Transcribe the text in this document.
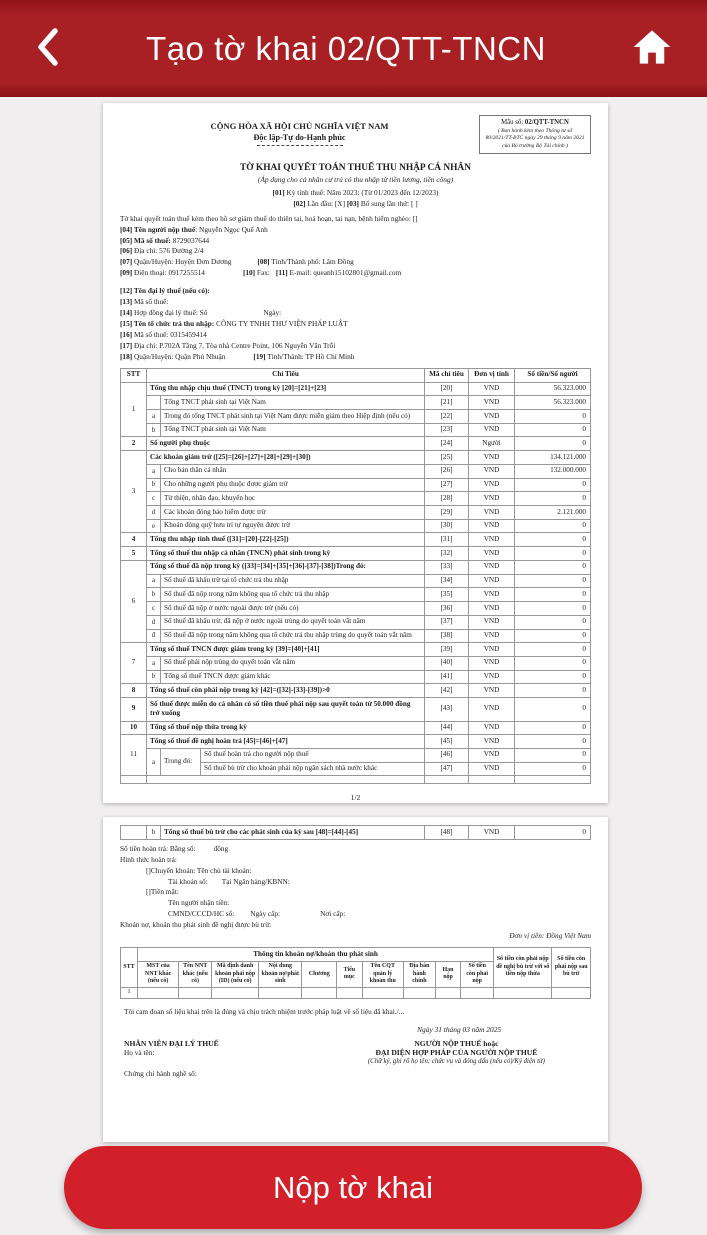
Tạo tờ khai 02/QTT-TNCN
CỘNG HÒA XÃ HỘI CHỦ NGHĨA VIỆT NAM
Độc lập-Tự do-Hạnh phúc
Mẫu số: 02/QTT-TNCN
( Ban hành kèm theo Thông tư số 80/2021/TT-BTC ngày 29 tháng 9 năm 2021 của Bộ trưởng Bộ Tài chính )
TỜ KHAI QUYẾT TOÁN THUẾ THU NHẬP CÁ NHÂN
(Áp dụng cho cá nhân cư trú có thu nhập từ tiền lương, tiền công)
[01] Kỳ tính thuế: Năm 2023: (Từ 01/2023 đến 12/2023)
[02] Lần đầu: [X] [03] Bổ sung lần thứ: [ ]
Tờ khai quyết toán thuế kèm theo hồ sơ giảm thuế do thiên tai, hoả hoạn, tai nạn, bệnh hiểm nghèo: []
[04] Tên người nộp thuế: Nguyễn Ngọc Quế Anh
[05] Mã số thuế: 8729037644
[06] Địa chỉ: 576 Đường 2/4
[07] Quận/Huyện: Huyện Đơn Dương	[08] Tỉnh/Thành phố: Lâm Đồng
[09] Điện thoại: 0917255514	[10] Fax: [11] E-mail: queanh15102801@gmail.com
[12] Tên đại lý thuế (nếu có):
[13] Mã số thuế:
[14] Hợp đồng đại lý thuế: Số	Ngày:
[15] Tên tổ chức trả thu nhập: CÔNG TY TNHH THƯ VIỆN PHÁP LUẬT
[16] Mã số thuế: 0315459414
[17] Địa chỉ: P.702A Tầng 7, Tòa nhà Centre Point, 106 Nguyễn Văn Trỗi
[18] Quận/Huyện: Quận Phú Nhuận	[19] Tỉnh/Thành: TP Hồ Chí Minh
STT	Chỉ Tiêu			Mã chỉ tiêu	Đơn vị tính	Số tiền/Số người
1	Tổng thu nhập chịu thuế (TNCT) trong kỳ [20]=[21]+[23]			[20]	VND	56.323.000
		Tổng TNCT phát sinh tại Việt Nam		[21]	VND	56.323.000
	a	Trong đó tổng TNCT phát sinh tại Việt Nam được miễn giảm theo Hiệp định (nếu có)		[22]	VND	0
	b	Tổng TNCT phát sinh tại Việt Nam		[23]	VND	0
2	Số người phụ thuộc			[24]	Người	0
3	Các khoản giảm trừ ([25]=[26]+[27]+[28]+[29]+[30])			[25]	VND	134.121.000
	a	Cho bản thân cá nhân		[26]	VND	132.000.000
	b	Cho những người phụ thuộc được giảm trừ		[27]	VND	0
	c	Từ thiện, nhân đạo, khuyến học		[28]	VND	0
	d	Các khoản đóng bảo hiểm được trừ		[29]	VND	2.121.000
	e	Khoản đóng quỹ hưu trí tự nguyện được trừ		[30]	VND	0
4	Tổng thu nhập tính thuế ([31]=[20]-[22]-[25])			[31]	VND	0
5	Tổng số thuế thu nhập cá nhân (TNCN) phát sinh trong kỳ			[32]	VND	0
6	Tổng số thuế đã nộp trong kỳ ([33]=[34]+[35]+[36]-[37]-[38])Trong đó:			[33]	VND	0
	a	Số thuế đã khấu trừ tại tổ chức trả thu nhập		[34]	VND	0
	b	Số thuế đã nộp trong năm không qua tổ chức trả thu nhập		[35]	VND	0
	c	Số thuế đã nộp ở nước ngoài được trừ (nếu có)		[36]	VND	0
	d	Số thuế đã khấu trừ, đã nộp ở nước ngoài trùng do quyết toán vắt năm		[37]	VND	0
	đ	Số thuế đã nộp trong năm không qua tổ chức trả thu nhập trùng do quyết toán vắt năm		[38]	VND	0
7	Tổng số thuế TNCN được giảm trong kỳ [39]=[40]+[41]			[39]	VND	0
	a	Số thuế phải nộp trùng do quyết toán vắt năm		[40]	VND	0
	b	Tổng số thuế TNCN được giảm khác		[41]	VND	0
8	Tổng số thuế còn phải nộp trong kỳ [42]=([32]-[33]-[39])>0			[42]	VND	0
9	Số thuế được miễn do cá nhân có số tiền thuế phải nộp sau quyết toán từ 50.000 đồng trở xuống			[43]	VND	0
10	Tổng số thuế nộp thừa trong kỳ			[44]	VND	0
11	Tổng số thuế đề nghị hoàn trả [45]=[46]+[47]			[45]	VND	0
	a	Trong đó:	Số thuế hoàn trả cho người nộp thuế	[46]	VND	0
			Số thuế bù trừ cho khoản phải nộp ngân sách nhà nước khác	[47]	VND	0

1/2
	b	Tổng số thuế bù trừ cho các phát sinh của kỳ sau [48]=[44]-[45]	[48]	VND	0
Số tiền hoàn trả: Bằng số: đồng
Hình thức hoàn trả:
[]Chuyển khoản: Tên chủ tài khoản:
Tài khoản số: Tại Ngân hàng/KBNN:
[]Tiền mặt:
Tên người nhận tiền:
CMND/CCCD/HC số: Ngày cấp:	Nơi cấp:
Khoản nợ, khoản thu phát sinh đề nghị được bù trừ:
Đơn vị tiền: Đồng Việt Nam
STT	Thông tin khoản nợ/khoản thu phát sinh										Số tiền còn phải nộp đề nghị bù trừ với số tiền nộp thừa	Số tiền còn phải nộp sau bù trừ
	MST của NNT khác (nếu có)	Tên NNT khác (nếu có)	Mã định danh khoản phải nộp (ID) (nếu có)	Nội dung khoản nợ/phát sinh	Chương	Tiểu mục	Tên CQT quản lý khoản thu	Địa bàn hành chính	Hạn nộp	Số tiền còn phải nộp		
1												
Tôi cam đoan số liệu khai trên là đúng và chịu trách nhiệm trước pháp luật về số liệu đã khai./...
Ngày 31 tháng 03 năm 2025
NHÂN VIÊN ĐẠI LÝ THUẾ
Họ và tên:
Chứng chỉ hành nghề số:
NGƯỜI NỘP THUẾ hoặc
ĐẠI DIỆN HỢP PHÁP CỦA NGƯỜI NỘP THUẾ
(Chữ ký, ghi rõ họ tên; chức vụ và đóng dấu (nếu có)/Ký điện tử)
Nộp tờ khai
